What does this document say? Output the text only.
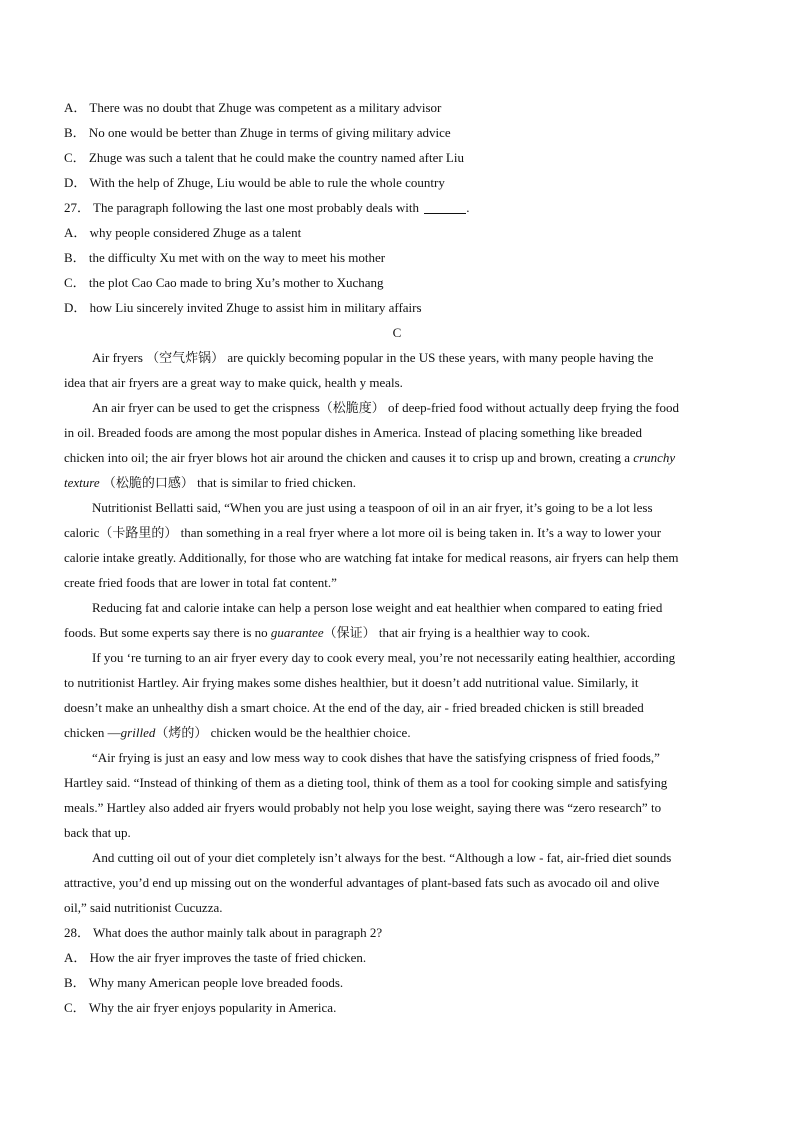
A． There was no doubt that Zhuge was competent as a military advisor
B． No one would be better than Zhuge in terms of giving military advice
C． Zhuge was such a talent that he could make the country named after Liu
D． With the help of Zhuge, Liu would be able to rule the whole country
27． The paragraph following the last one most probably deals with	.
A． why people considered Zhuge as a talent
B． the difficulty Xu met with on the way to meet his mother
C． the plot Cao Cao made to bring Xu’s mother to Xuchang
D． how Liu sincerely invited Zhuge to assist him in military affairs
C
Air fryers （空气炸锅） are quickly becoming popular in the US these years, with many people having the
idea that air fryers are a great way to make quick, health y meals.
An air fryer can be used to get the crispness（松脆度） of deep-fried food without actually deep frying the food
in oil. Breaded foods are among the most popular dishes in America. Instead of placing something like breaded
chicken into oil; the air fryer blows hot air around the chicken and causes it to crisp up and brown, creating a crunchy
texture （松脆的口感） that is similar to fried chicken.
Nutritionist Bellatti said, “When you are just using a teaspoon of oil in an air fryer, it’s going to be a lot less
caloric（卡路里的） than something in a real fryer where a lot more oil is being taken in. It’s a way to lower your
calorie intake greatly. Additionally, for those who are watching fat intake for medical reasons, air fryers can help them
create fried foods that are lower in total fat content.”
Reducing fat and calorie intake can help a person lose weight and eat healthier when compared to eating fried
foods. But some experts say there is no guarantee（保证） that air frying is a healthier way to cook.
If you ‘re turning to an air fryer every day to cook every meal, you’re not necessarily eating healthier, according
to nutritionist Hartley. Air frying makes some dishes healthier, but it doesn’t add nutritional value. Similarly, it
doesn’t make an unhealthy dish a smart choice. At the end of the day, air - fried breaded chicken is still breaded
chicken —grilled（烤的） chicken would be the healthier choice.
“Air frying is just an easy and low mess way to cook dishes that have the satisfying crispness of fried foods,”
Hartley said. “Instead of thinking of them as a dieting tool, think of them as a tool for cooking simple and satisfying
meals.” Hartley also added air fryers would probably not help you lose weight, saying there was “zero research” to
back that up.
And cutting oil out of your diet completely isn’t always for the best. “Although a low - fat, air-fried diet sounds
attractive, you’d end up missing out on the wonderful advantages of plant-based fats such as avocado oil and olive
oil,” said nutritionist Cucuzza.
28． What does the author mainly talk about in paragraph 2?
A． How the air fryer improves the taste of fried chicken.
B． Why many American people love breaded foods.
C． Why the air fryer enjoys popularity in America.
